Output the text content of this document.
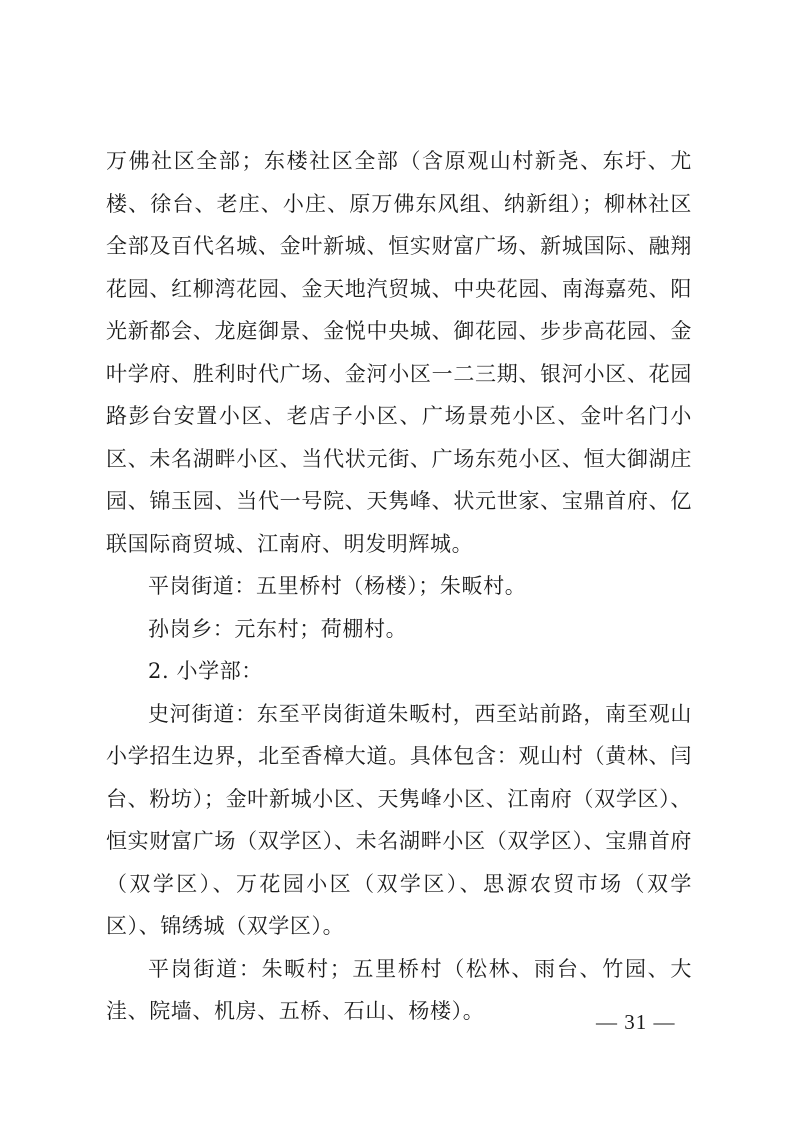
万佛社区全部；东楼社区全部（含原观山村新尧、东圩、尤楼、徐台、老庄、小庄、原万佛东风组、纳新组）；柳林社区全部及百代名城、金叶新城、恒实财富广场、新城国际、融翔花园、红柳湾花园、金天地汽贸城、中央花园、南海嘉苑、阳光新都会、龙庭御景、金悦中央城、御花园、步步高花园、金叶学府、胜利时代广场、金河小区一二三期、银河小区、花园路彭台安置小区、老店子小区、广场景苑小区、金叶名门小区、未名湖畔小区、当代状元街、广场东苑小区、恒大御湖庄园、锦玉园、当代一号院、天隽峰、状元世家、宝鼎首府、亿联国际商贸城、江南府、明发明辉城。

平岗街道：五里桥村（杨楼）；朱畈村。

孙岗乡：元东村；荷棚村。

2. 小学部：

史河街道：东至平岗街道朱畈村，西至站前路，南至观山小学招生边界，北至香樟大道。具体包含：观山村（黄林、闫台、粉坊）；金叶新城小区、天隽峰小区、江南府（双学区）、恒实财富广场（双学区）、未名湖畔小区（双学区）、宝鼎首府（双学区）、万花园小区（双学区）、思源农贸市场（双学区）、锦绣城（双学区）。

平岗街道：朱畈村；五里桥村（松林、雨台、竹园、大洼、院墙、机房、五桥、石山、杨楼）。	— 31 —
